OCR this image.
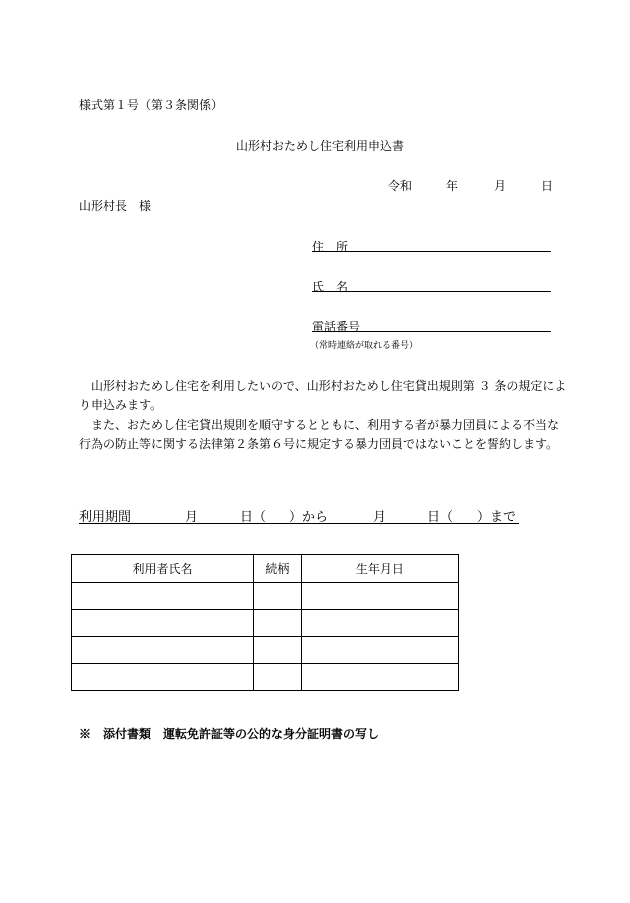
様式第１号（第３条関係）
山形村おためし住宅利用申込書
令和	年	月	日
山形村長　様
住　所
氏　名
電話番号
（常時連絡が取れる番号）
　山形村おためし住宅を利用したいので、山形村おためし住宅貸出規則第 ３ 条の規定によ
り申込みます。
　また、おためし住宅貸出規則を順守するとともに、利用する者が暴力団員による不当な
行為の防止等に関する法律第２条第６号に規定する暴力団員ではないことを誓約します。
利用期間	月	日（ ）から	月	日（ ）まで
利用者氏名	続柄	生年月日

※　添付書類　運転免許証等の公的な身分証明書の写し
